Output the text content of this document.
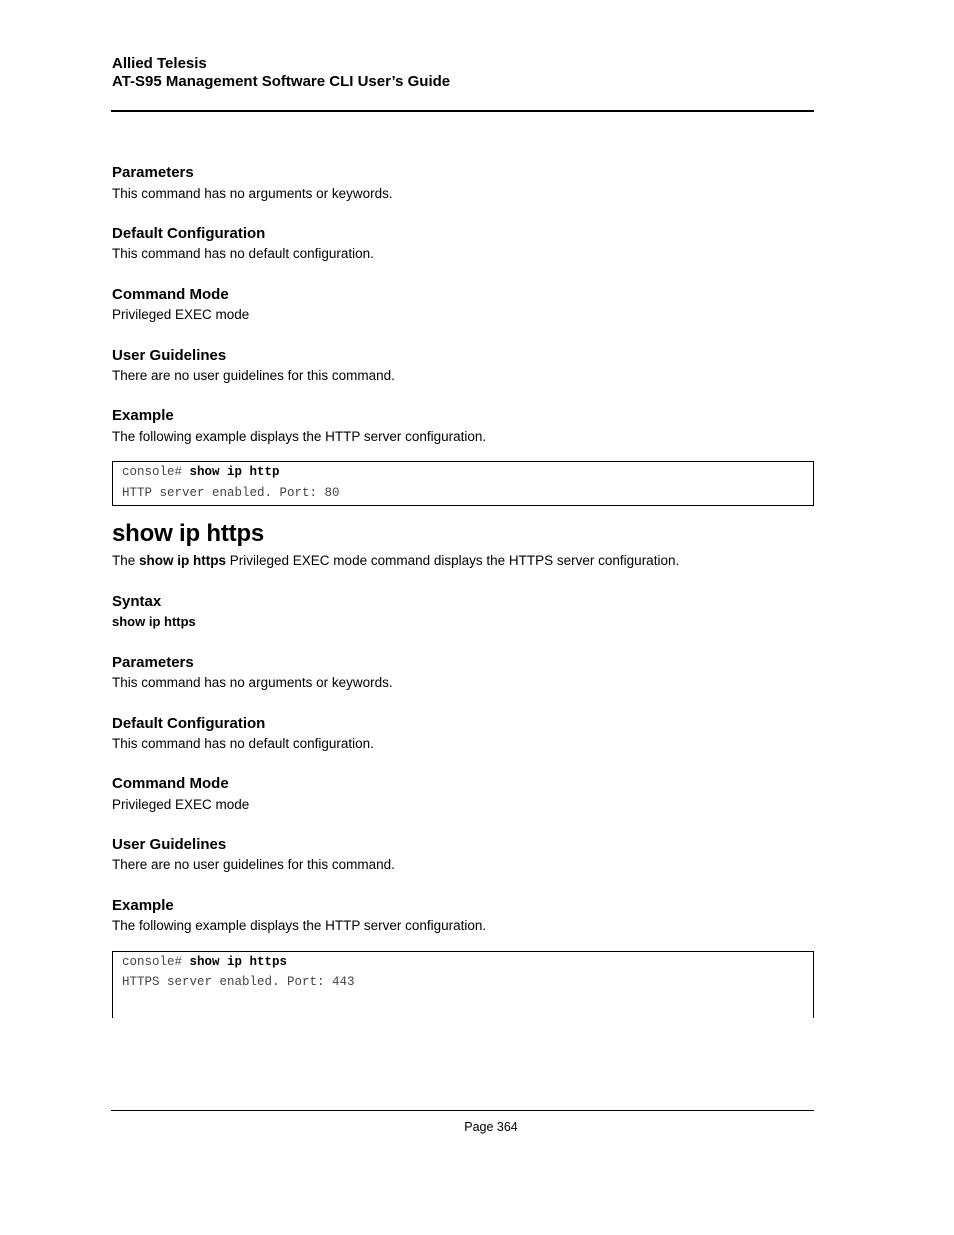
Allied Telesis
AT-S95 Management Software CLI User’s Guide
Parameters
This command has no arguments or keywords.
Default Configuration
This command has no default configuration.
Command Mode
Privileged EXEC mode
User Guidelines
There are no user guidelines for this command.
Example
The following example displays the HTTP server configuration.
console# show ip http
HTTP server enabled. Port: 80
show ip https
The show ip https Privileged EXEC mode command displays the HTTPS server configuration.
Syntax
show ip https
Parameters
This command has no arguments or keywords.
Default Configuration
This command has no default configuration.
Command Mode
Privileged EXEC mode
User Guidelines
There are no user guidelines for this command.
Example
The following example displays the HTTP server configuration.
console# show ip https
HTTPS server enabled. Port: 443
Page 364
